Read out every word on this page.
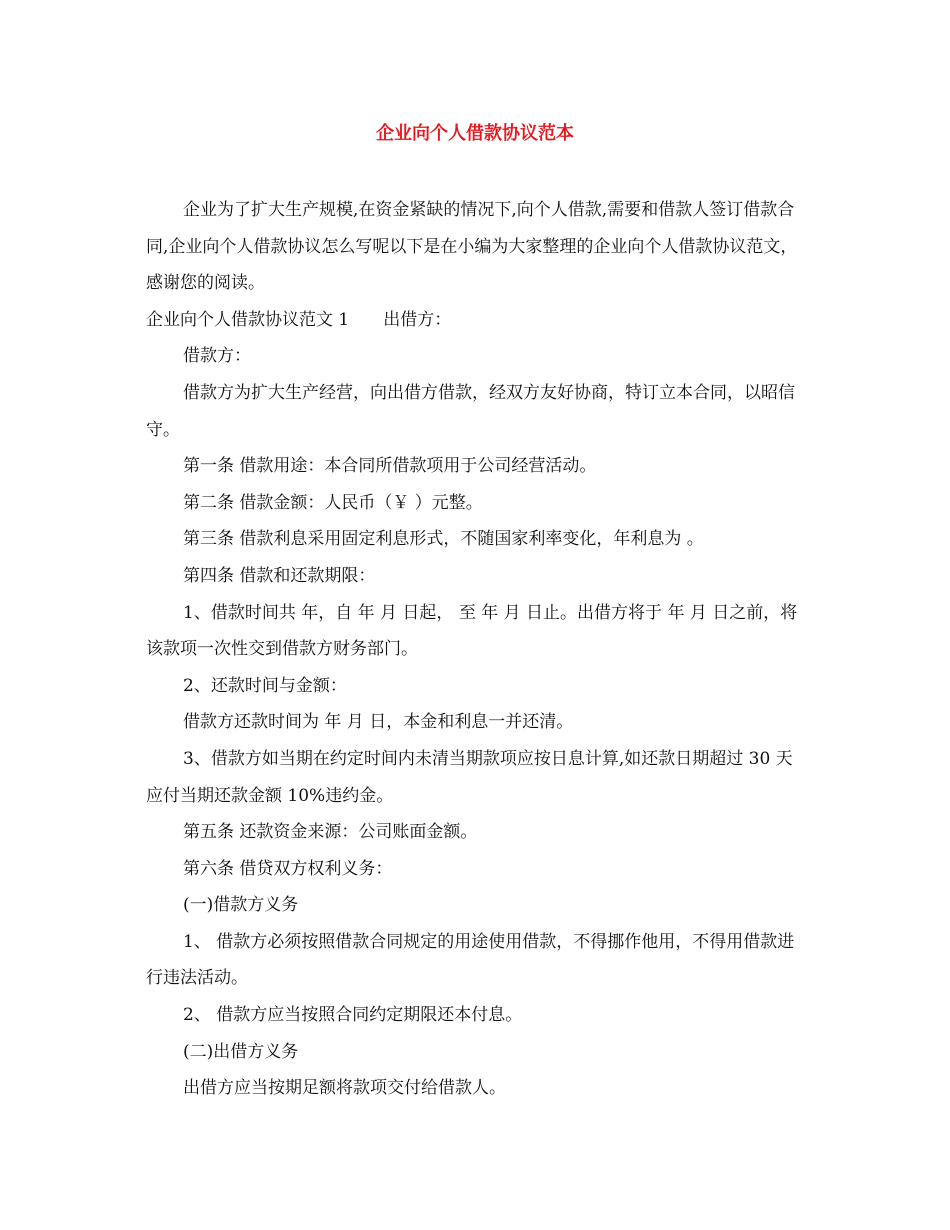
企业向个人借款协议范本

企业为了扩大生产规模,在资金紧缺的情况下,向个人借款,需要和借款人签订借款合同,企业向个人借款协议怎么写呢以下是在小编为大家整理的企业向个人借款协议范文，感谢您的阅读。

企业向个人借款协议范文 1 出借方：

借款方：

借款方为扩大生产经营，向出借方借款，经双方友好协商，特订立本合同，以昭信守。

第一条 借款用途：本合同所借款项用于公司经营活动。

第二条 借款金额：人民币（￥ ）元整。

第三条 借款利息采用固定利息形式，不随国家利率变化，年利息为 。

第四条 借款和还款期限：

1、借款时间共 年，自 年 月 日起， 至 年 月 日止。出借方将于 年 月 日之前，将该款项一次性交到借款方财务部门。

2、还款时间与金额：

借款方还款时间为 年 月 日，本金和利息一并还清。

3、借款方如当期在约定时间内未清当期款项应按日息计算,如还款日期超过 30 天应付当期还款金额 10%违约金。

第五条 还款资金来源：公司账面金额。

第六条 借贷双方权利义务：

(一)借款方义务

1、 借款方必须按照借款合同规定的用途使用借款，不得挪作他用，不得用借款进行违法活动。

2、 借款方应当按照合同约定期限还本付息。

(二)出借方义务

出借方应当按期足额将款项交付给借款人。
